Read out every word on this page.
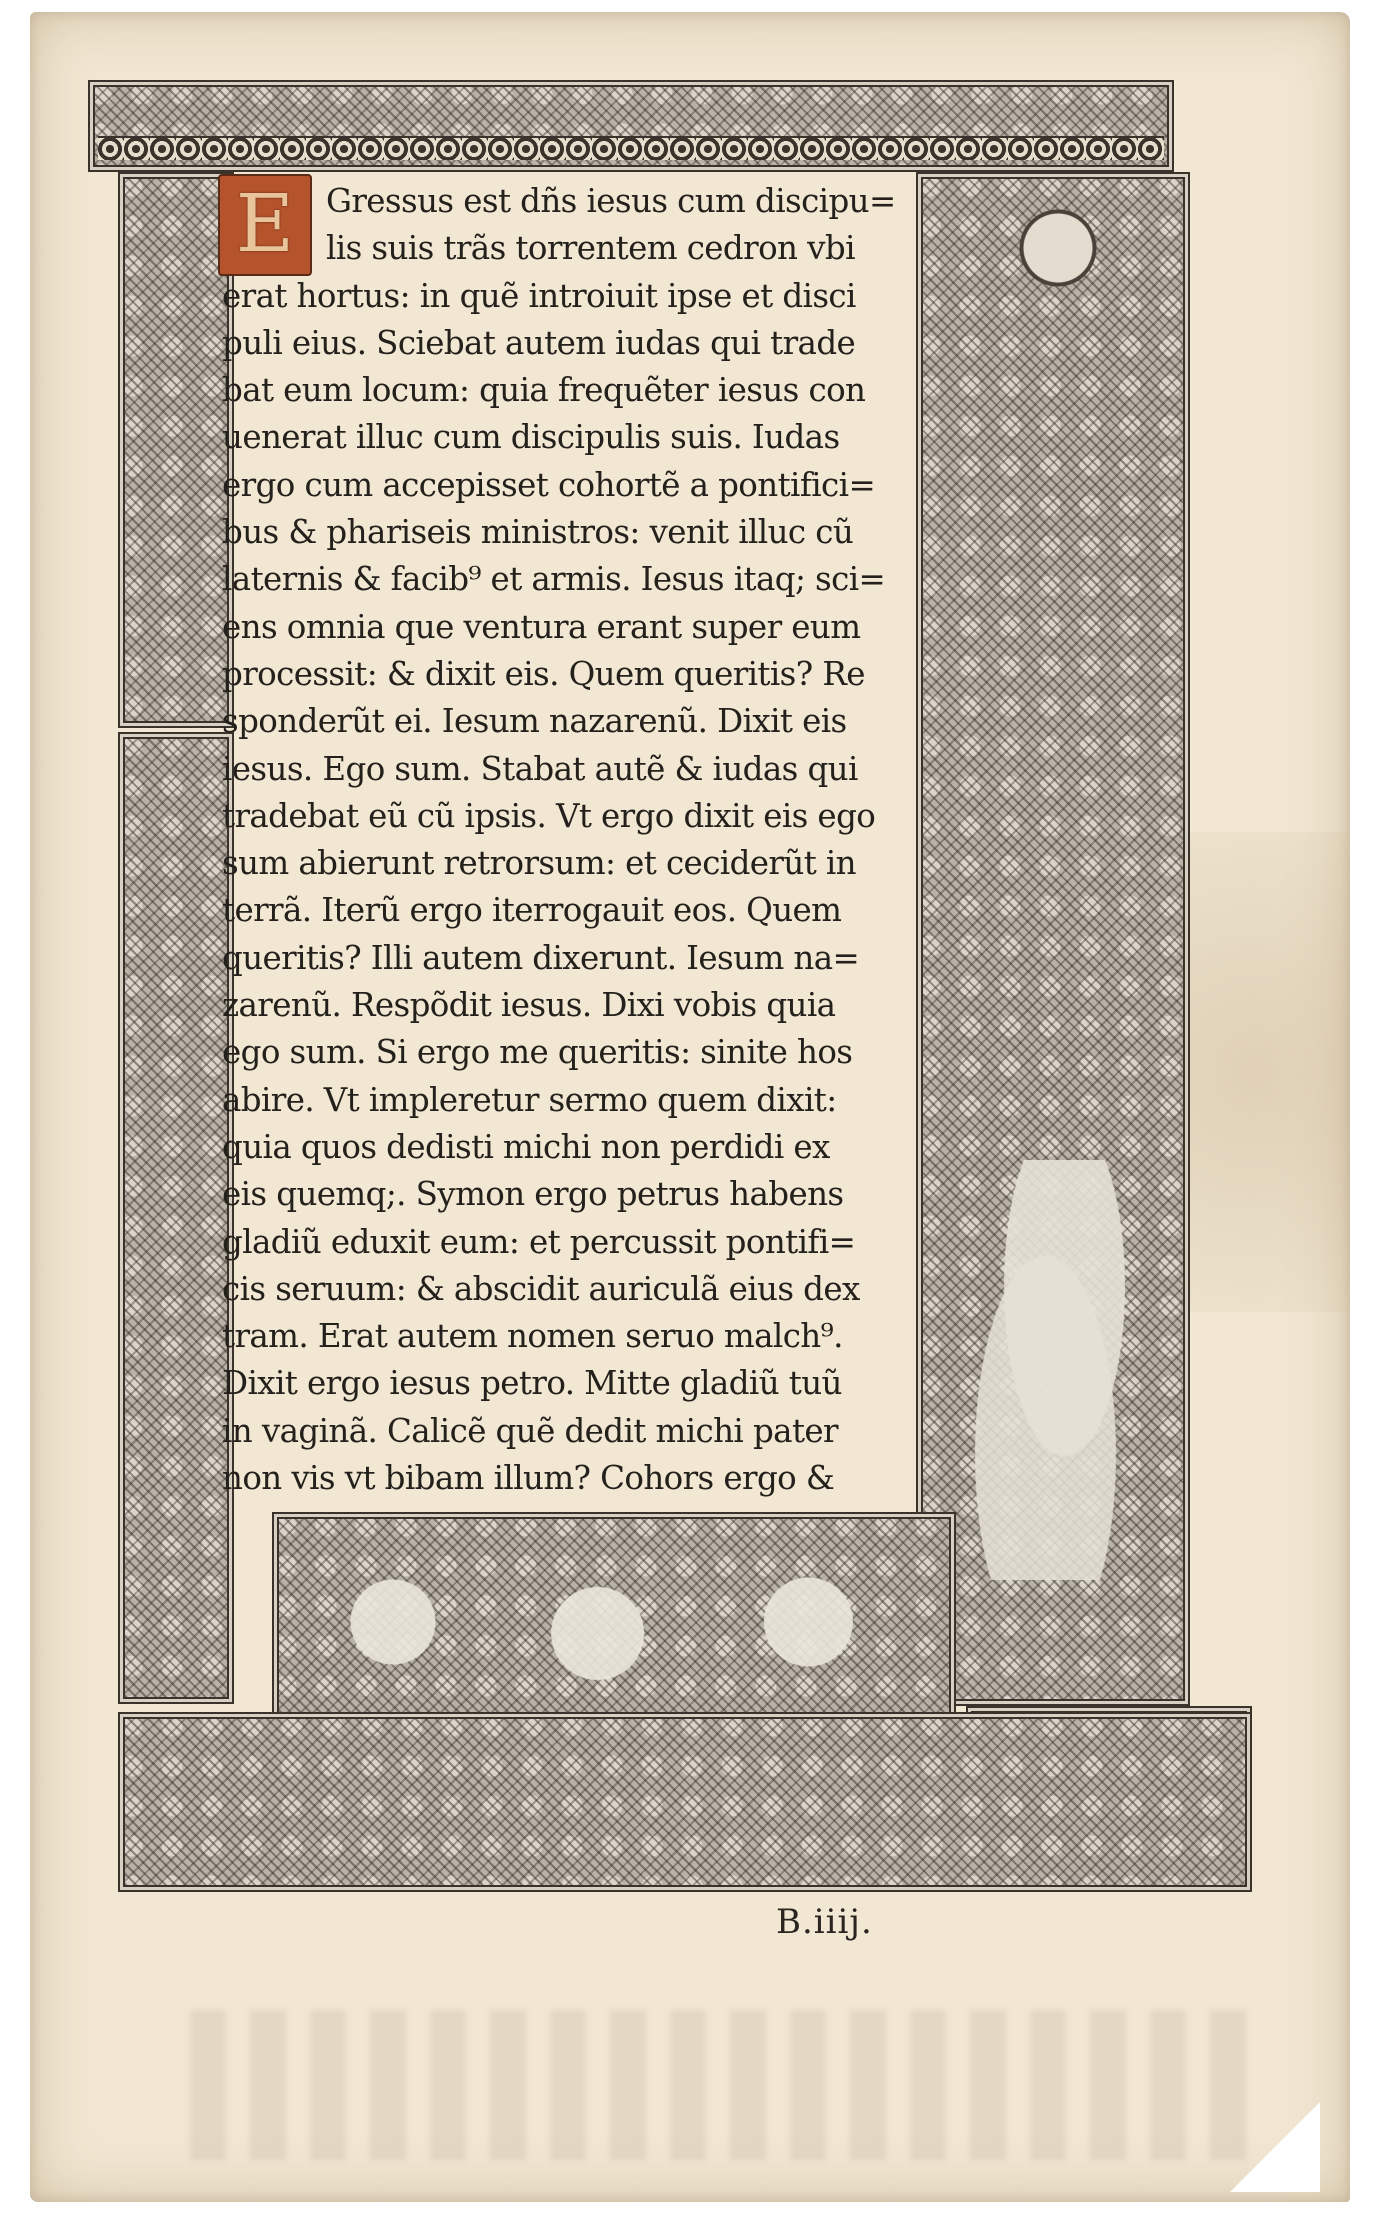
E Gressus est dñs iesus cum discipu=
lis suis trãs torrentem cedron vbi
erat hortus: in quẽ introiuit ipse et disci
puli eius. Sciebat autem iudas qui trade
bat eum locum: quia frequẽter iesus con
uenerat illuc cum discipulis suis. Iudas
ergo cum accepisset cohortẽ a pontifici=
bus & phariseis ministros: venit illuc cũ
laternis & facib⁹ et armis. Iesus itaq; sci=
ens omnia que ventura erant super eum
processit: & dixit eis. Quem queritis? Re
sponderũt ei. Iesum nazarenũ. Dixit eis
iesus. Ego sum. Stabat autẽ & iudas qui
tradebat eũ cũ ipsis. Vt ergo dixit eis ego
sum abierunt retrorsum: et ceciderũt in
terrã. Iterũ ergo iterrogauit eos. Quem
queritis? Illi autem dixerunt. Iesum na=
zarenũ. Respõdit iesus. Dixi vobis quia
ego sum. Si ergo me queritis: sinite hos
abire. Vt impleretur sermo quem dixit:
quia quos dedisti michi non perdidi ex
eis quemq;. Symon ergo petrus habens
gladiũ eduxit eum: et percussit pontifi=
cis seruum: & abscidit auriculã eius dex
tram. Erat autem nomen seruo malch⁹.
Dixit ergo iesus petro. Mitte gladiũ tuũ
in vaginã. Calicẽ quẽ dedit michi pater
non vis vt bibam illum? Cohors ergo &
B.iiij.
